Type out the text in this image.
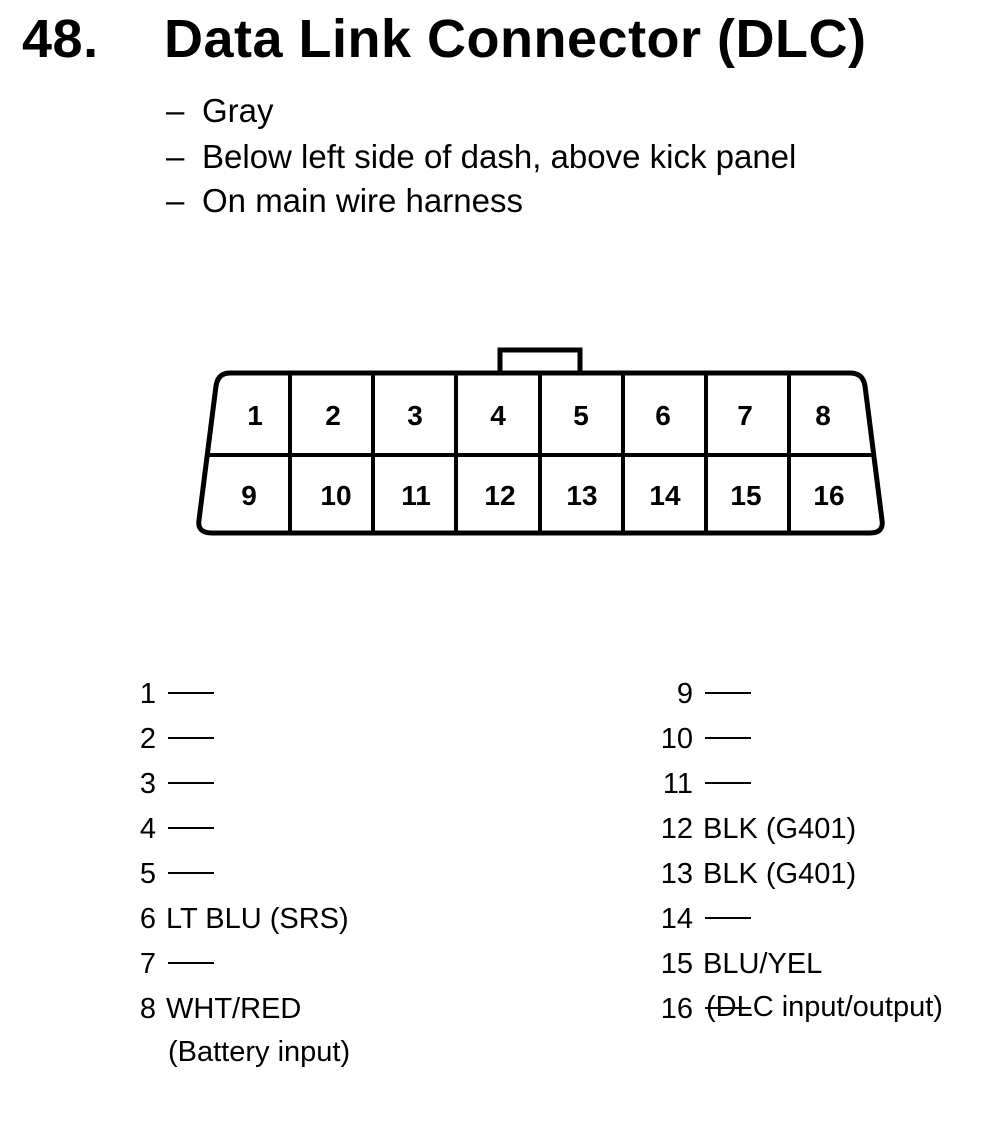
48. Data Link Connector (DLC)
– Gray
– Below left side of dash, above kick panel
– On main wire harness
1 2 3 4 5 6 7 8
9 10 11 12 13 14 15 16
1
2
3
4
5
6 LT BLU (SRS)
7
8 WHT/RED
(Battery input)
9
10
11
12 BLK (G401)
13 BLK (G401)
14
15 BLU/YEL
(DLC input/output)
16
